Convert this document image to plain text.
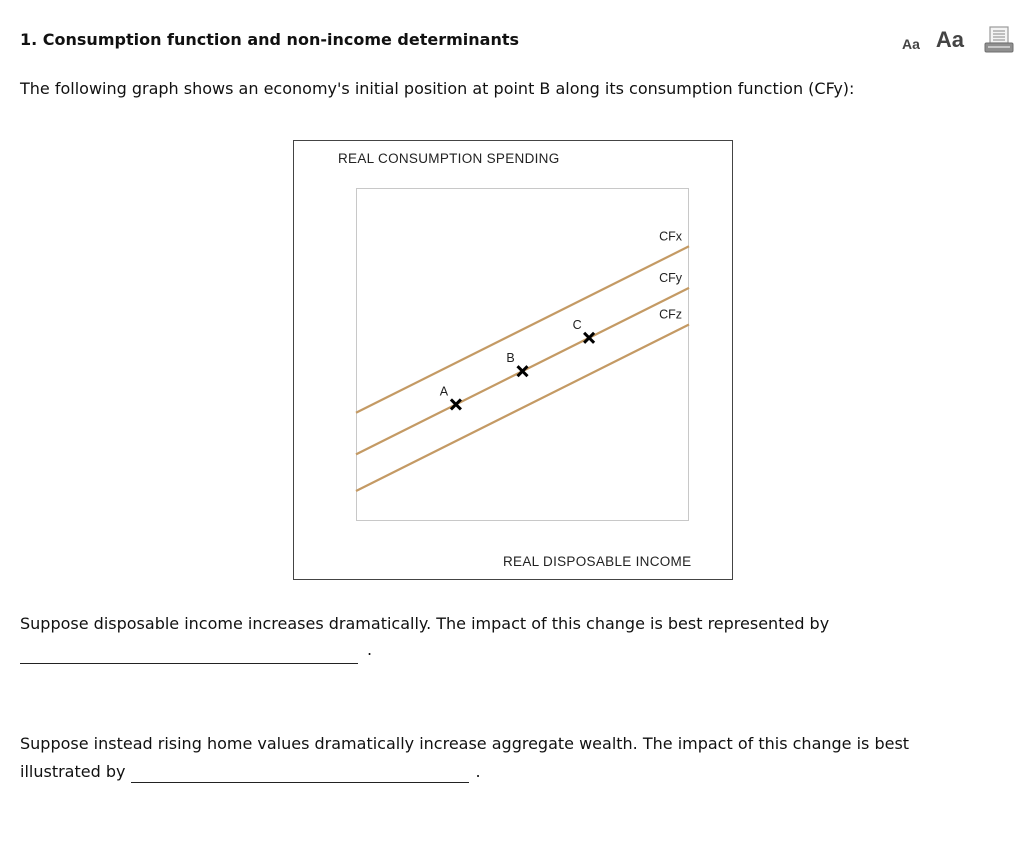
1. Consumption function and non-income determinants	Aa Aa
The following graph shows an economy's initial position at point B along its consumption function (CFy):
REAL CONSUMPTION SPENDING
CFx
CFy
CFz
A
B
C
REAL DISPOSABLE INCOME
Suppose disposable income increases dramatically. The impact of this change is best represented by
.
Suppose instead rising home values dramatically increase aggregate wealth. The impact of this change is best illustrated by	.
